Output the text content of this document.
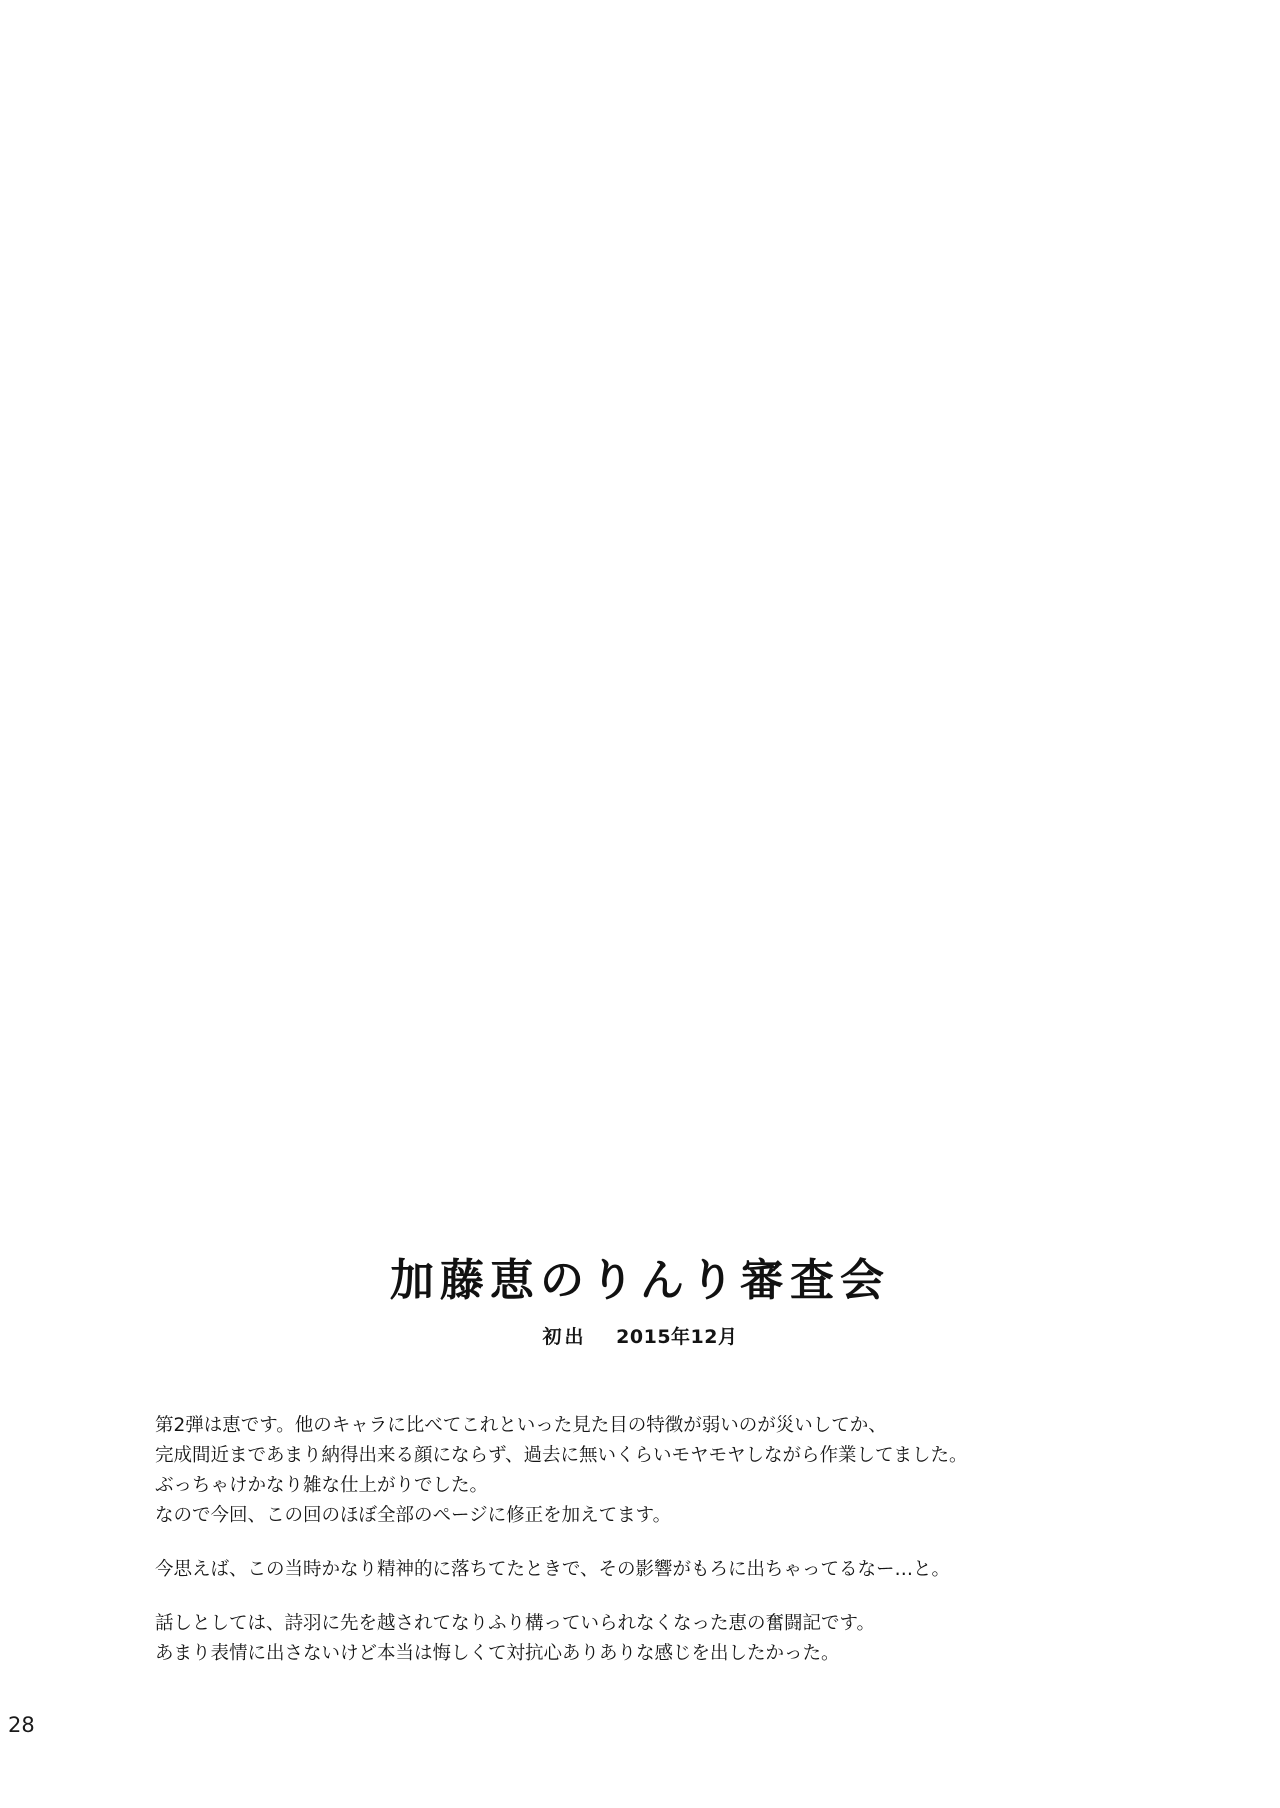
28
加藤恵のりんり審査会
初出 2015年12月

第2弾は恵です。他のキャラに比べてこれといった見た目の特徴が弱いのが災いしてか、
完成間近まであまり納得出来る顔にならず、過去に無いくらいモヤモヤしながら作業してました。
ぶっちゃけかなり雑な仕上がりでした。
なので今回、この回のほぼ全部のページに修正を加えてます。

今思えば、この当時かなり精神的に落ちてたときで、その影響がもろに出ちゃってるなー…と。

話しとしては、詩羽に先を越されてなりふり構っていられなくなった恵の奮闘記です。
あまり表情に出さないけど本当は悔しくて対抗心ありありな感じを出したかった。
